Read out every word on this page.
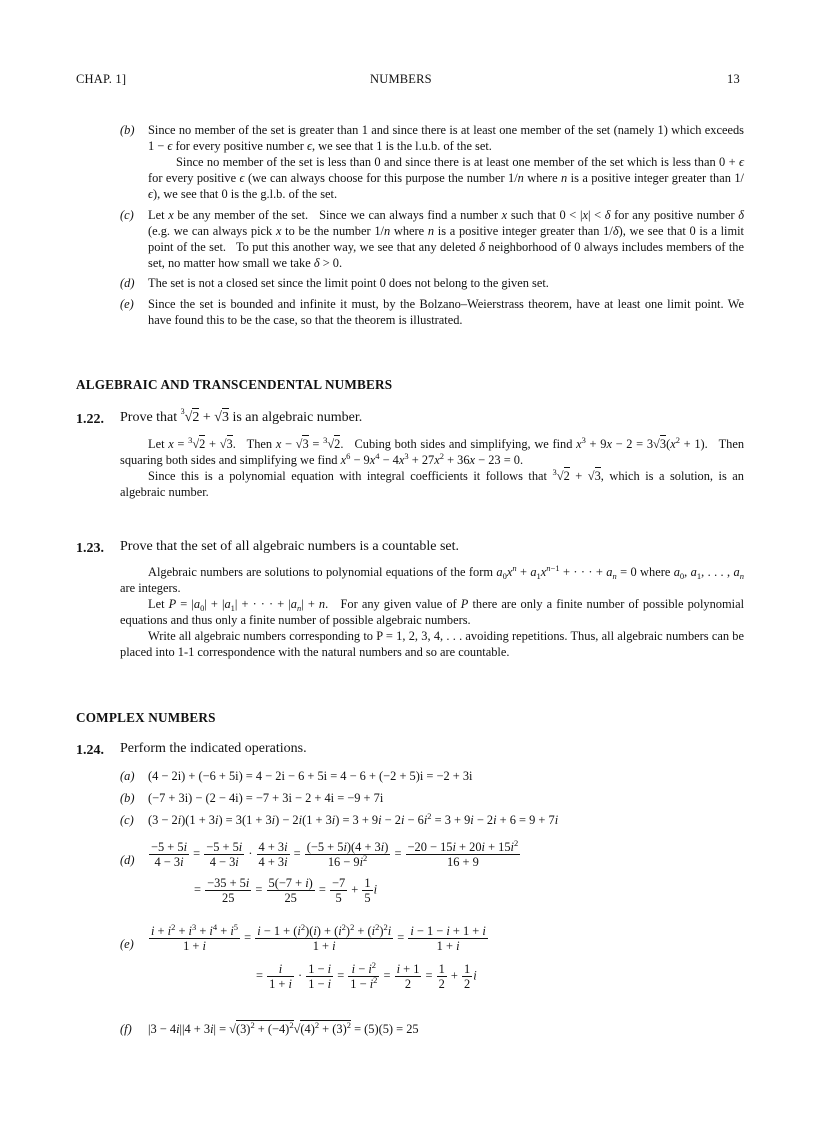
CHAP. 1]	NUMBERS	13
(b) Since no member of the set is greater than 1 and since there is at least one member of the set (namely 1) which exceeds 1 − ϵ for every positive number ϵ, we see that 1 is the l.u.b. of the set.
Since no member of the set is less than 0 and since there is at least one member of the set which is less than 0 + ϵ for every positive ϵ (we can always choose for this purpose the number 1/n where n is a positive integer greater than 1/ϵ), we see that 0 is the g.l.b. of the set.
(c) Let x be any member of the set.   Since we can always find a number x such that 0 < |x| < δ for any positive number δ (e.g. we can always pick x to be the number 1/n where n is a positive integer greater than 1/δ), we see that 0 is a limit point of the set.   To put this another way, we see that any deleted δ neighborhood of 0 always includes members of the set, no matter how small we take δ > 0.
(d) The set is not a closed set since the limit point 0 does not belong to the given set.
(e) Since the set is bounded and infinite it must, by the Bolzano–Weierstrass theorem, have at least one limit point. We have found this to be the case, so that the theorem is illustrated.
ALGEBRAIC AND TRANSCENDENTAL NUMBERS
1.22. Prove that $^3$√2 + √3 is an algebraic number.

Let x = $^3$√2 + √3.   Then x − √3 = $^3$√2.   Cubing both sides and simplifying, we find $x^3 + 9x - 2 = 3√3(x^2 + 1)$.   Then squaring both sides and simplifying we find $x^6 - 9x^4 - 4x^3 + 27x^2 + 36x - 23 = 0$.

Since this is a polynomial equation with integral coefficients it follows that $^3$√2 + √3, which is a solution, is an algebraic number.

1.23. Prove that the set of all algebraic numbers is a countable set.

Algebraic numbers are solutions to polynomial equations of the form $a_0x^n + a_1x^{n-1}$ + · · · + $a_n = 0$ where $a_0$, $a_1$, . . . , $a_n$ are integers.

Let $P = |a_0| + |a_1|$ + · · · + $|a_n| + n$.   For any given value of P there are only a finite number of possible polynomial equations and thus only a finite number of possible algebraic numbers.

Write all algebraic numbers corresponding to P = 1, 2, 3, 4, . . . avoiding repetitions. Thus, all algebraic numbers can be placed into 1-1 correspondence with the natural numbers and so are countable.

COMPLEX NUMBERS
1.24. Perform the indicated operations.
(a) (4 − 2i) + (−6 + 5i) = 4 − 2i − 6 + 5i = 4 − 6 + (−2 + 5)i = −2 + 3i
(b) (−7 + 3i) − (2 − 4i) = −7 + 3i − 2 + 4i = −9 + 7i
(c) $(3 - 2i)(1 + 3i) = 3(1 + 3i) - 2i(1 + 3i) = 3 + 9i - 2i - 6i^2 = 3 + 9i - 2i + 6 = 9 + 7i$
$(d) \frac{-5 + 5i}{4 - 3i} = \frac{-5 + 5i}{4 - 3i} \cdot \frac{4 + 3i}{4 + 3i} = \frac{(-5 + 5i)(4 + 3i)}{16 - 9i^2} = \frac{-20 - 15i + 20i + 15i^2}{16 + 9}$
= $\frac{-35 + 5i}{25} = \frac{5(-7 + i)}{25} = \frac{-7}{5} + \frac{1}{5}$ i
$(e) \frac{i + i^2 + i^3 + i^4 + i^5}{1 + i} = \frac{i - 1 + (i^2)(i) + (i^2)^2 + (i^2)^2i}{1 + i} = \frac{i - 1 - i + 1 + i}{1 + i}$
= $\frac{i}{1 + i} \cdot \frac{1 - i}{1 - i} = \frac{i - i^2}{1 - i^2} = \frac{i + 1}{2} = \frac{1}{2} + \frac{1}{2}$ i
(f) $|3 - 4i||4 + 3i| = √(3)^2 + (-4)^2√(4)^2 + (3)^2 = (5)(5) = 25$
